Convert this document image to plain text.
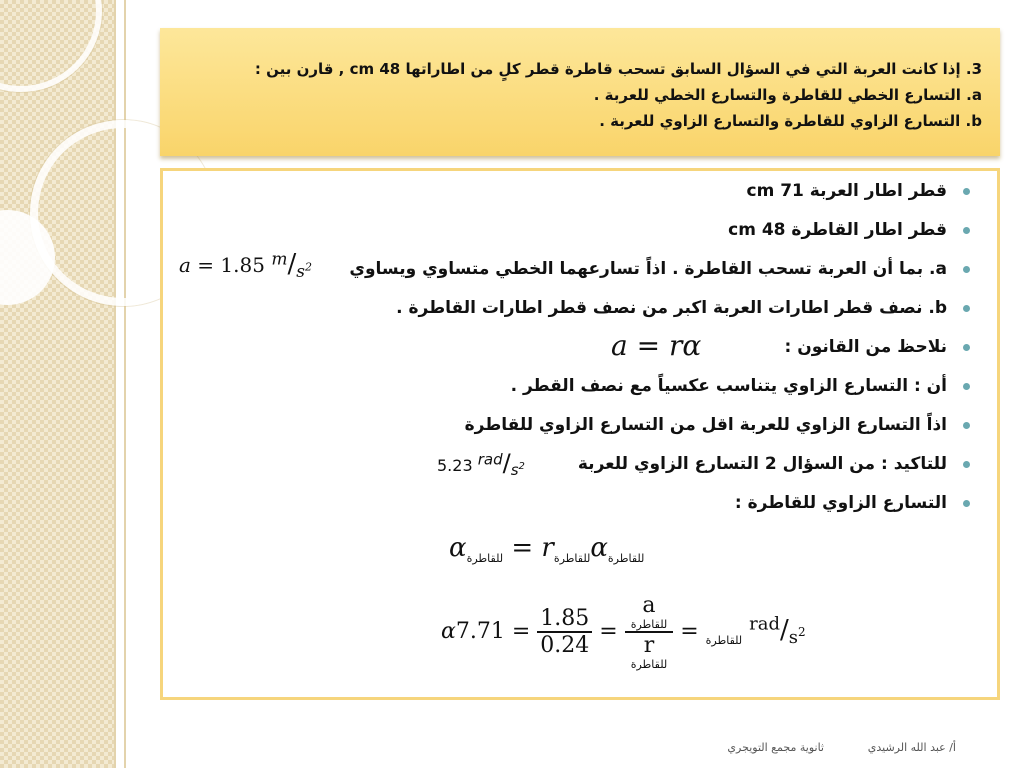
3. إذا كانت العربة التي في السؤال السابق تسحب قاطرة قطر كلٍ من اطاراتها 48 cm , قارن بين :
a. التسارع الخطي للقاطرة والتسارع الخطي للعربة .
b. التسارع الزاوي للقاطرة والتسارع الزاوي للعربة .
قطر اطار العربة 71 cm
قطر اطار القاطرة 48 cm
a. بما أن العربة تسحب القاطرة . اذاً تسارعهما الخطي متساوي ويساوي
a = 1.85 $^m/_{s^2}$
b. نصف قطر اطارات العربة اكبر من نصف قطر اطارات القاطرة .
نلاحظ من القانون :
a = rα
أن : التسارع الزاوي يتناسب عكسياً مع نصف القطر .
اذاً التسارع الزاوي للعربة اقل من التسارع الزاوي للقاطرة
للتاكيد : من السؤال 2 التسارع الزاوي للعربة
5.23 $^{rad}/_{s^2}$
التسارع الزاوي للقاطرة :
$\alpha_{للقاطرة} = r_{للقاطرة}\alpha_{للقاطرة}$
α	$_{للقاطرة}$ =
a
للقاطرة
r
للقاطرة
=
$\frac{1.85}{0.24}$
= 7.71	$^{rad}/_{s^2}$
أ/ عبد الله الرشيدي
ثانوية مجمع التويجري
